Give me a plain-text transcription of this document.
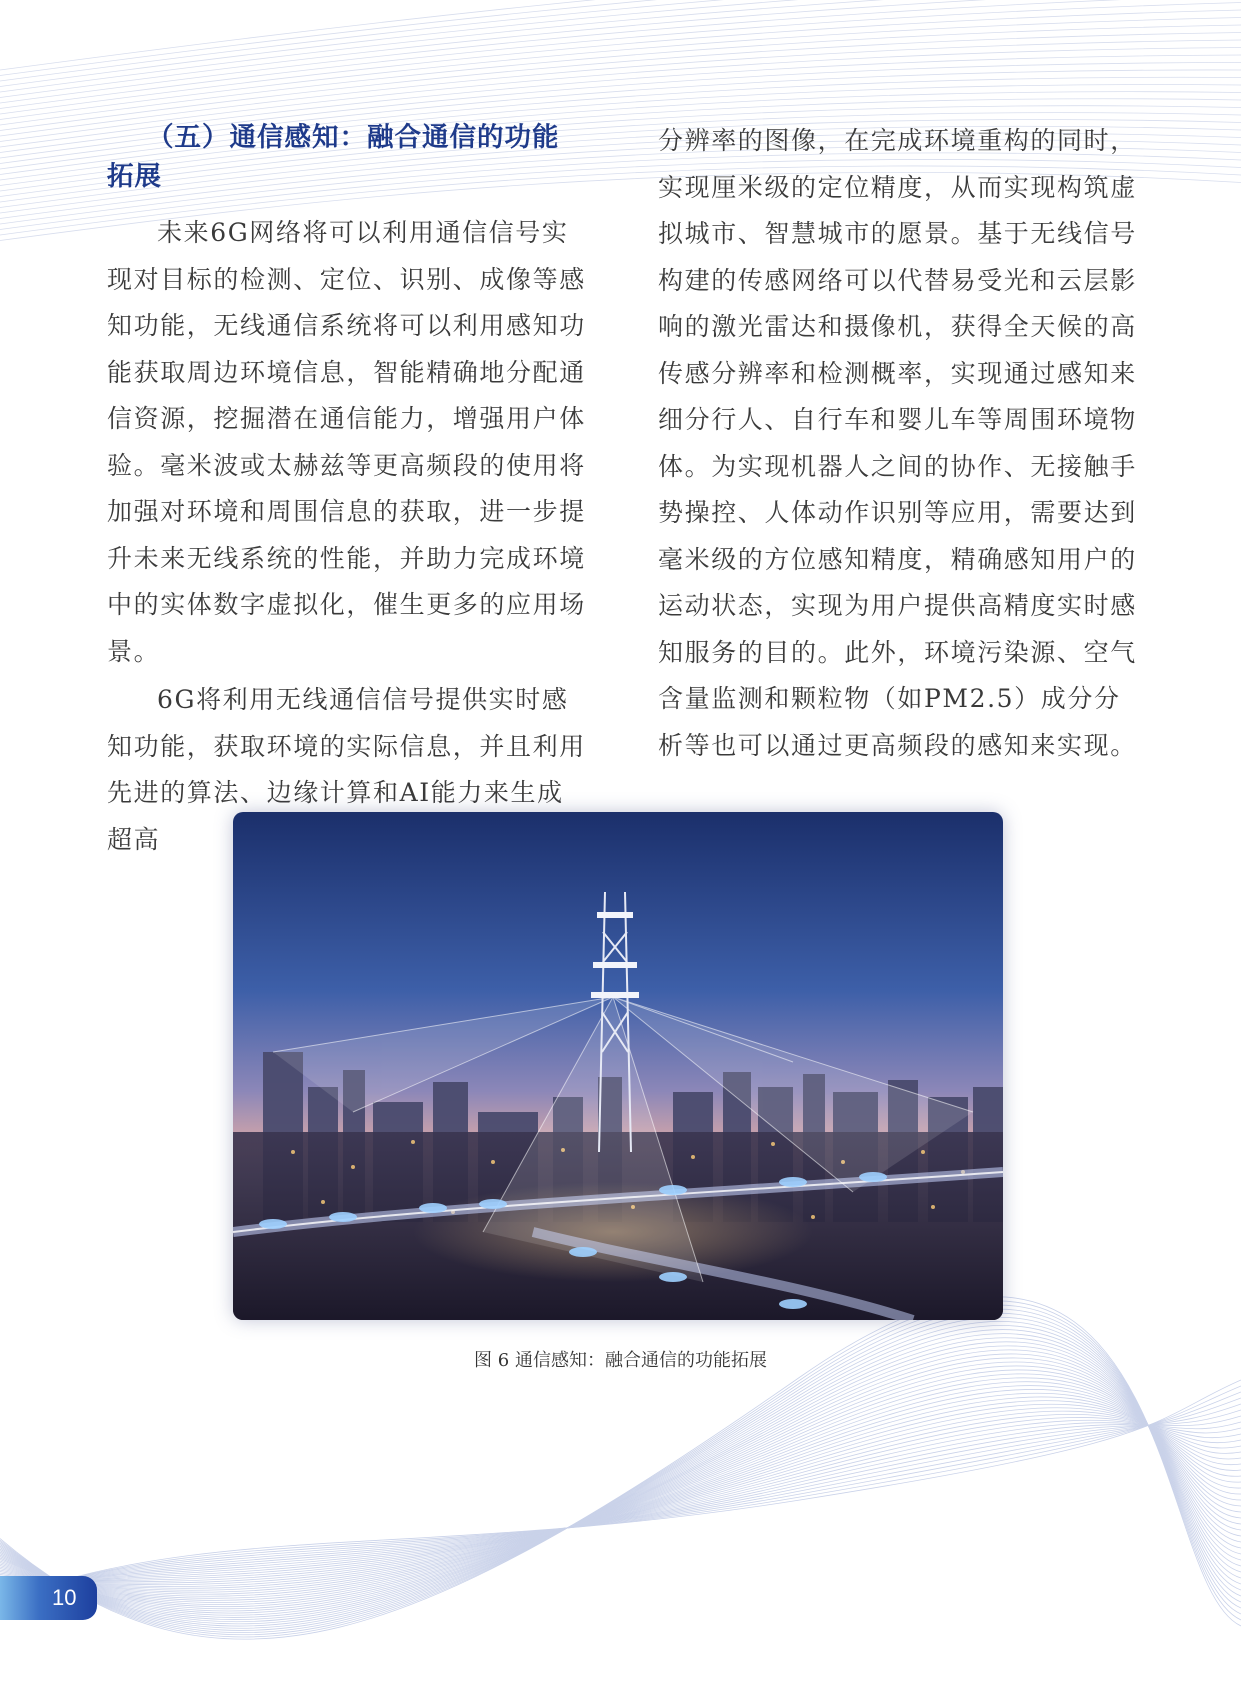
（五）通信感知：融合通信的功能
拓展

未来6G网络将可以利用通信信号实现对目标的检测、定位、识别、成像等感知功能，无线通信系统将可以利用感知功能获取周边环境信息，智能精确地分配通信资源，挖掘潜在通信能力，增强用户体验。毫米波或太赫兹等更高频段的使用将加强对环境和周围信息的获取，进一步提升未来无线系统的性能，并助力完成环境中的实体数字虚拟化，催生更多的应用场景。

6G将利用无线通信信号提供实时感知功能，获取环境的实际信息，并且利用先进的算法、边缘计算和AI能力来生成超高

分辨率的图像，在完成环境重构的同时，实现厘米级的定位精度，从而实现构筑虚拟城市、智慧城市的愿景。基于无线信号构建的传感网络可以代替易受光和云层影响的激光雷达和摄像机，获得全天候的高传感分辨率和检测概率，实现通过感知来细分行人、自行车和婴儿车等周围环境物体。为实现机器人之间的协作、无接触手势操控、人体动作识别等应用，需要达到毫米级的方位感知精度，精确感知用户的运动状态，实现为用户提供高精度实时感知服务的目的。此外，环境污染源、空气含量监测和颗粒物（如PM2.5）成分分析等也可以通过更高频段的感知来实现。

图 6 通信感知：融合通信的功能拓展
10
